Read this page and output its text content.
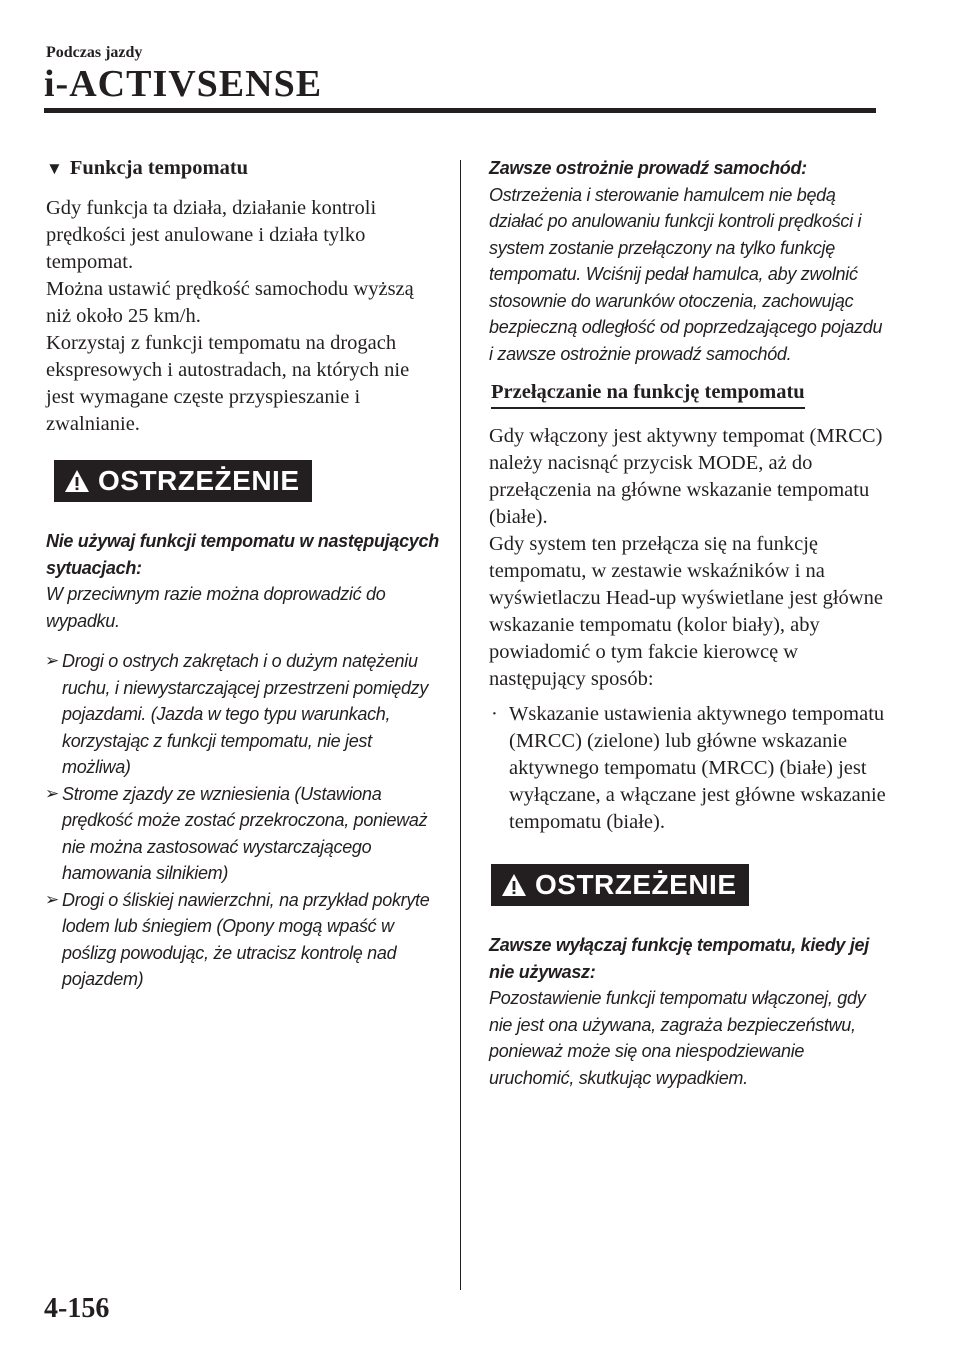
Podczas jazdy
i-ACTIVSENSE
▼ Funkcja tempomatu

Gdy funkcja ta działa, działanie kontroli prędkości jest anulowane i działa tylko tempomat.

Można ustawić prędkość samochodu wyższą niż około 25 km/h.

Korzystaj z funkcji tempomatu na drogach ekspresowych i autostradach, na których nie jest wymagane częste przyspieszanie i zwalnianie.

OSTRZEŻENIE

Nie używaj funkcji tempomatu w następujących sytuacjach:

W przeciwnym razie można doprowadzić do wypadku.

➢ Drogi o ostrych zakrętach i o dużym natężeniu ruchu, i niewystarczającej przestrzeni pomiędzy pojazdami. (Jazda w tego typu warunkach, korzystając z funkcji tempomatu, nie jest możliwa)
➢ Strome zjazdy ze wzniesienia (Ustawiona prędkość może zostać przekroczona, ponieważ nie można zastosować wystarczającego hamowania silnikiem)
➢ Drogi o śliskiej nawierzchni, na przykład pokryte lodem lub śniegiem (Opony mogą wpaść w poślizg powodując, że utracisz kontrolę nad pojazdem)

Zawsze ostrożnie prowadź samochód:

Ostrzeżenia i sterowanie hamulcem nie będą działać po anulowaniu funkcji kontroli prędkości i system zostanie przełączony na tylko funkcję tempomatu. Wciśnij pedał hamulca, aby zwolnić stosownie do warunków otoczenia, zachowując bezpieczną odległość od poprzedzającego pojazdu i zawsze ostrożnie prowadź samochód.

Przełączanie na funkcję tempomatu

Gdy włączony jest aktywny tempomat (MRCC) należy nacisnąć przycisk MODE, aż do przełączenia na główne wskazanie tempomatu (białe).

Gdy system ten przełącza się na funkcję tempomatu, w zestawie wskaźników i na wyświetlaczu Head-up wyświetlane jest główne wskazanie tempomatu (kolor biały), aby powiadomić o tym fakcie kierowcę w następujący sposób:

· Wskazanie ustawienia aktywnego tempomatu (MRCC) (zielone) lub główne wskazanie aktywnego tempomatu (MRCC) (białe) jest wyłączane, a włączane jest główne wskazanie tempomatu (białe).
OSTRZEŻENIE

Zawsze wyłączaj funkcję tempomatu, kiedy jej nie używasz:

Pozostawienie funkcji tempomatu włączonej, gdy nie jest ona używana, zagraża bezpieczeństwu, ponieważ może się ona niespodziewanie uruchomić, skutkując wypadkiem.

4-156
